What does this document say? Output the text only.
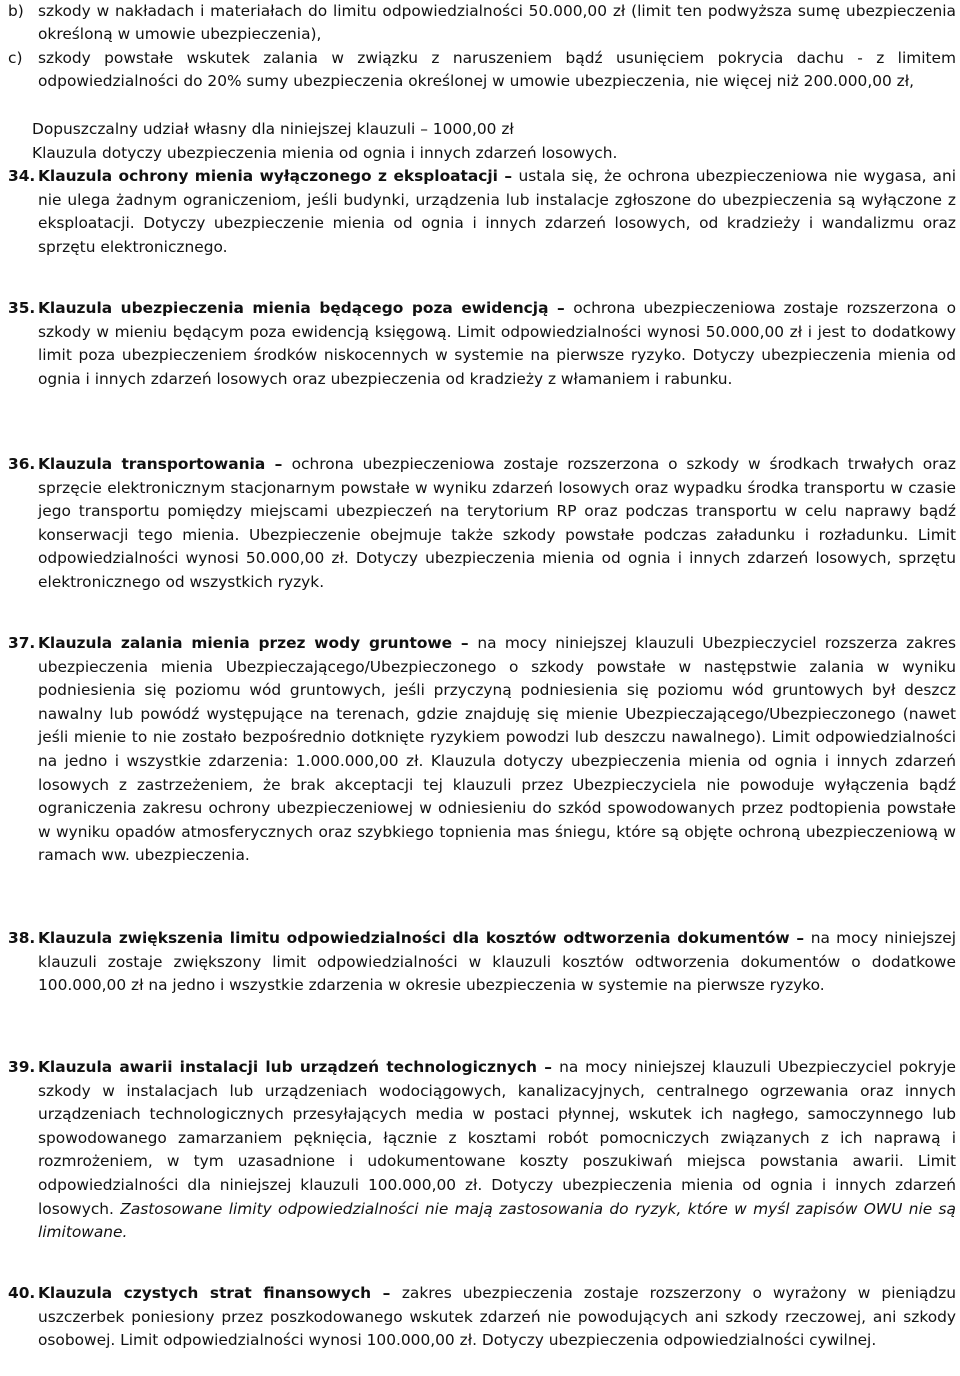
b) szkody w nakładach i materiałach do limitu odpowiedzialności 50.000,00 zł (limit ten podwyższa sumę ubezpieczenia określoną w umowie ubezpieczenia),
c) szkody powstałe wskutek zalania w związku z naruszeniem bądź usunięciem pokrycia dachu - z limitem odpowiedzialności do 20% sumy ubezpieczenia określonej w umowie ubezpieczenia, nie więcej niż 200.000,00 zł,
Dopuszczalny udział własny dla niniejszej klauzuli – 1000,00 zł
Klauzula dotyczy ubezpieczenia mienia od ognia i innych zdarzeń losowych.
34. Klauzula ochrony mienia wyłączonego z eksploatacji – ustala się, że ochrona ubezpieczeniowa nie wygasa, ani nie ulega żadnym ograniczeniom, jeśli budynki, urządzenia lub instalacje zgłoszone do ubezpieczenia są wyłączone z eksploatacji. Dotyczy ubezpieczenie mienia od ognia i innych zdarzeń losowych, od kradzieży i wandalizmu oraz sprzętu elektronicznego.
35. Klauzula ubezpieczenia mienia będącego poza ewidencją – ochrona ubezpieczeniowa zostaje rozszerzona o szkody w mieniu będącym poza ewidencją księgową. Limit odpowiedzialności wynosi 50.000,00 zł i jest to dodatkowy limit poza ubezpieczeniem środków niskocennych w systemie na pierwsze ryzyko. Dotyczy ubezpieczenia mienia od ognia i innych zdarzeń losowych oraz ubezpieczenia od kradzieży z włamaniem i rabunku.
36. Klauzula transportowania – ochrona ubezpieczeniowa zostaje rozszerzona o szkody w środkach trwałych oraz sprzęcie elektronicznym stacjonarnym powstałe w wyniku zdarzeń losowych oraz wypadku środka transportu w czasie jego transportu pomiędzy miejscami ubezpieczeń na terytorium RP oraz podczas transportu w celu naprawy bądź konserwacji tego mienia. Ubezpieczenie obejmuje także szkody powstałe podczas załadunku i rozładunku. Limit odpowiedzialności wynosi 50.000,00 zł. Dotyczy ubezpieczenia mienia od ognia i innych zdarzeń losowych, sprzętu elektronicznego od wszystkich ryzyk.
37. Klauzula zalania mienia przez wody gruntowe – na mocy niniejszej klauzuli Ubezpieczyciel rozszerza zakres ubezpieczenia mienia Ubezpieczającego/Ubezpieczonego o szkody powstałe w następstwie zalania w wyniku podniesienia się poziomu wód gruntowych, jeśli przyczyną podniesienia się poziomu wód gruntowych był deszcz nawalny lub powódź występujące na terenach, gdzie znajduję się mienie Ubezpieczającego/Ubezpieczonego (nawet jeśli mienie to nie zostało bezpośrednio dotknięte ryzykiem powodzi lub deszczu nawalnego). Limit odpowiedzialności na jedno i wszystkie zdarzenia: 1.000.000,00 zł. Klauzula dotyczy ubezpieczenia mienia od ognia i innych zdarzeń losowych z zastrzeżeniem, że brak akceptacji tej klauzuli przez Ubezpieczyciela nie powoduje wyłączenia bądź ograniczenia zakresu ochrony ubezpieczeniowej w odniesieniu do szkód spowodowanych przez podtopienia powstałe w wyniku opadów atmosferycznych oraz szybkiego topnienia mas śniegu, które są objęte ochroną ubezpieczeniową w ramach ww. ubezpieczenia.
38. Klauzula zwiększenia limitu odpowiedzialności dla kosztów odtworzenia dokumentów – na mocy niniejszej klauzuli zostaje zwiększony limit odpowiedzialności w klauzuli kosztów odtworzenia dokumentów o dodatkowe 100.000,00 zł na jedno i wszystkie zdarzenia w okresie ubezpieczenia w systemie na pierwsze ryzyko.
39. Klauzula awarii instalacji lub urządzeń technologicznych – na mocy niniejszej klauzuli Ubezpieczyciel pokryje szkody w instalacjach lub urządzeniach wodociągowych, kanalizacyjnych, centralnego ogrzewania oraz innych urządzeniach technologicznych przesyłających media w postaci płynnej, wskutek ich nagłego, samoczynnego lub spowodowanego zamarzaniem pęknięcia, łącznie z kosztami robót pomocniczych związanych z ich naprawą i rozmrożeniem, w tym uzasadnione i udokumentowane koszty poszukiwań miejsca powstania awarii. Limit odpowiedzialności dla niniejszej klauzuli 100.000,00 zł. Dotyczy ubezpieczenia mienia od ognia i innych zdarzeń losowych. Zastosowane limity odpowiedzialności nie mają zastosowania do ryzyk, które w myśl zapisów OWU nie są limitowane.
40. Klauzula czystych strat finansowych – zakres ubezpieczenia zostaje rozszerzony o wyrażony w pieniądzu uszczerbek poniesiony przez poszkodowanego wskutek zdarzeń nie powodujących ani szkody rzeczowej, ani szkody osobowej. Limit odpowiedzialności wynosi 100.000,00 zł. Dotyczy ubezpieczenia odpowiedzialności cywilnej.
